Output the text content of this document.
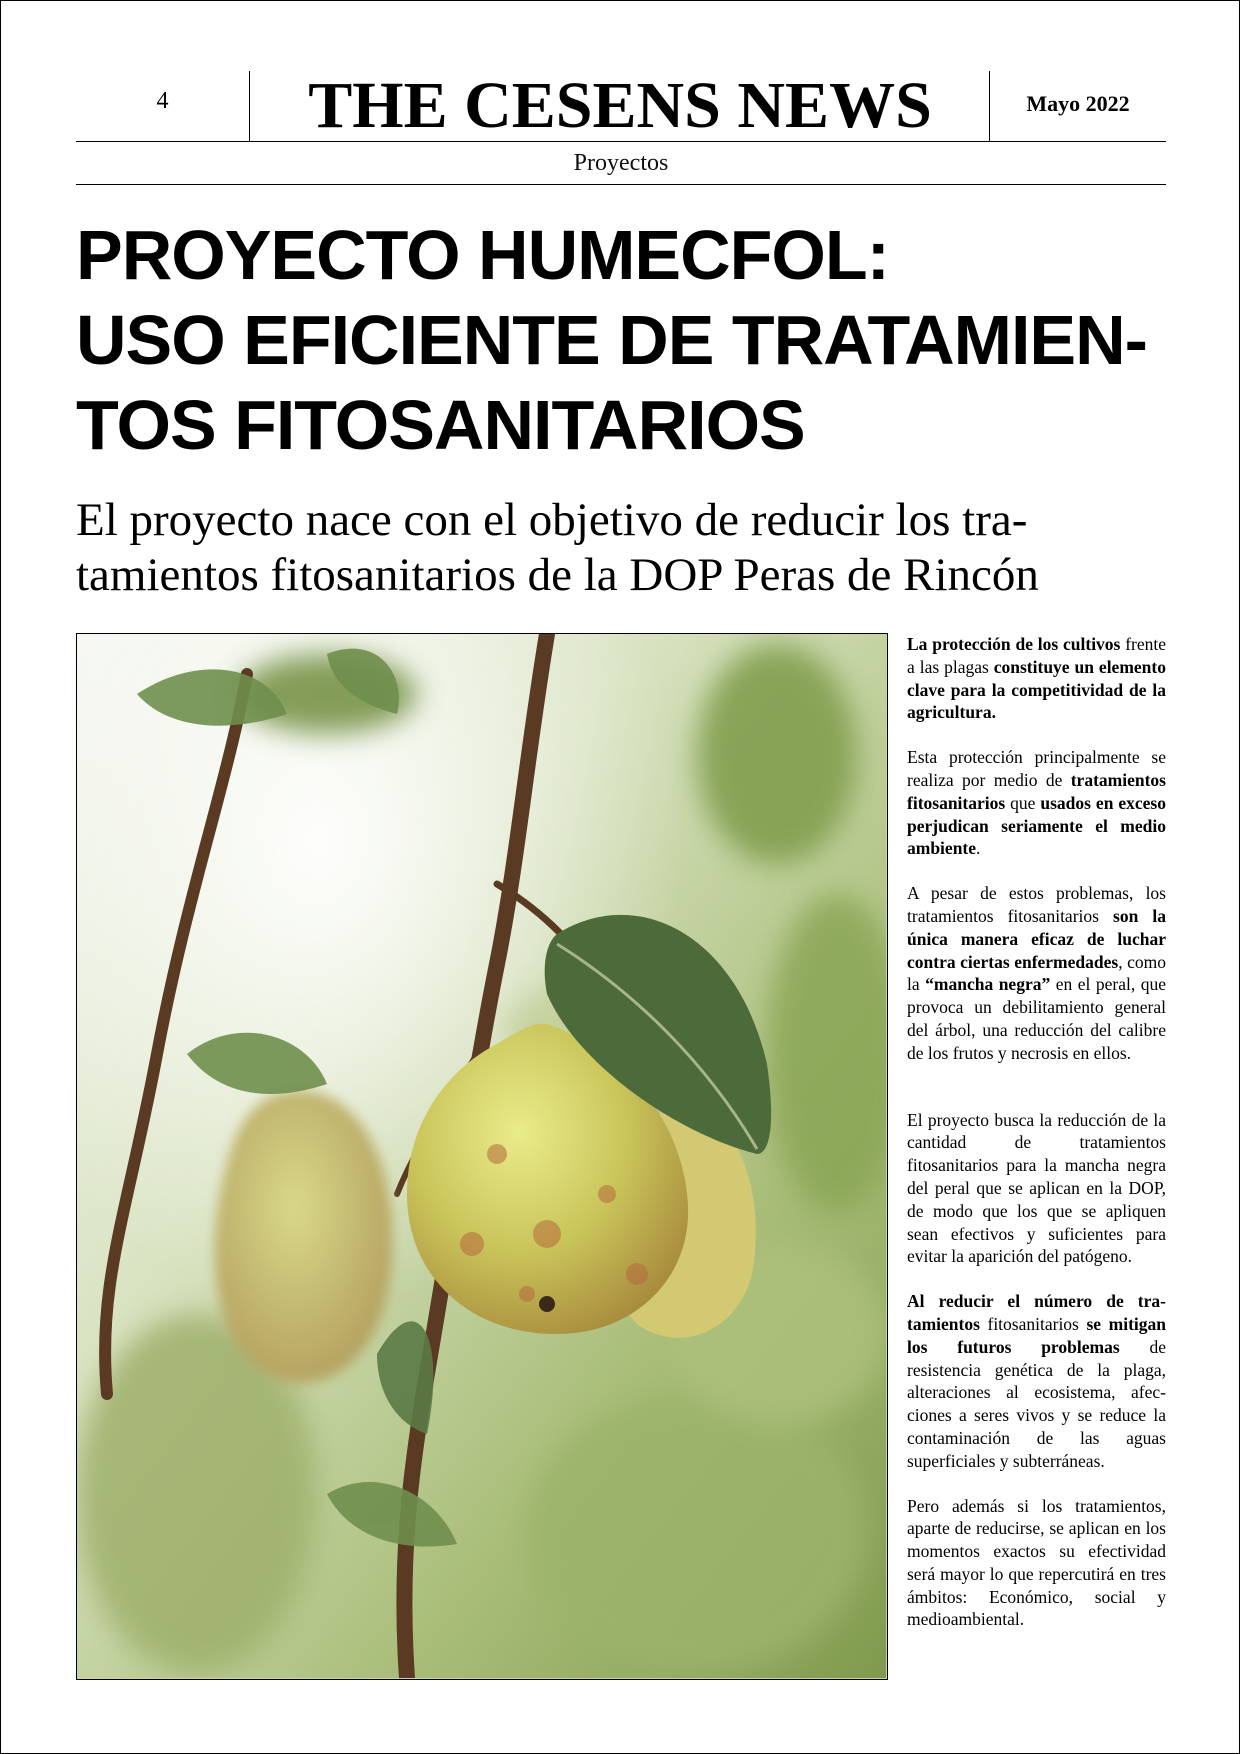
4	THE CESENS NEWS	Mayo 2022
Proyectos
PROYECTO HUMECFOL:
USO EFICIENTE DE TRATAMIEN-
TOS FITOSANITARIOS
El proyecto nace con el objetivo de reducir los tra-
tamientos fitosanitarios de la DOP Peras de Rincón

La protección de los cultivos frente a las plagas constituye un elemento clave para la competitividad de la agricultura.

Esta protección principalmente se realiza por medio de tratamientos fitosanitarios que usados en exceso perjudican seriamente el medio ambiente.

A pesar de estos problemas, los tratamientos fitosanitarios son la única manera eficaz de luchar contra ciertas enfermedades, como la “mancha negra” en el peral, que provoca un debilitamiento general del árbol, una reducción del calibre de los frutos y necrosis en ellos.

El proyecto busca la reducción de la cantidad de tratamientos fitosanitarios para la mancha negra del peral que se aplican en la DOP, de modo que los que se apliquen sean efectivos y suficientes para evitar la aparición del patógeno.

Al reducir el número de tratamientos fitosanitarios se mitigan los futuros problemas de resistencia genética de la plaga, alteraciones al ecosistema, afecciones a seres vivos y se reduce la contaminación de las aguas superficiales y subterráneas.

Pero además si los tratamientos, aparte de reducirse, se aplican en los momentos exactos su efectividad será mayor lo que repercutirá en tres ámbitos: Económico, social y medioambiental.
